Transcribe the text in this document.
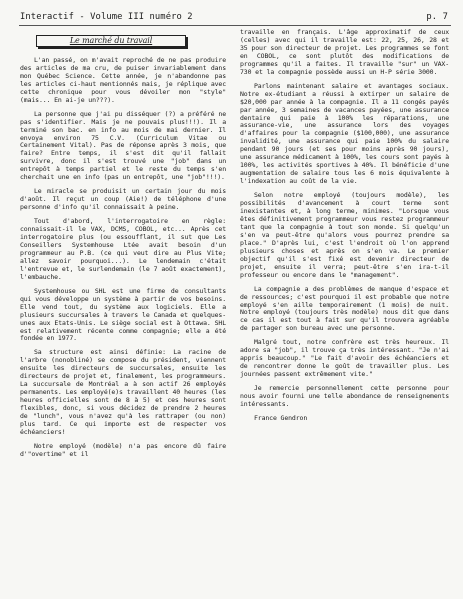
Interactif - Volume III numéro 2	p. 7
Le marché du travail

L'an passé, on m'avait reproché de ne pas produire des articles de ma cru, de puiser invariablement dans mon Québec Science. Cette année, je n'abandonne pas les articles ci-haut mentionnés mais, je réplique avec cette chronique pour vous dévoiler mon "style" (mais... En ai-je un???).

La personne que j'ai pu disséquer (?) a préféré ne pas s'identifier. Mais je ne pouvais plus!!!). Il a terminé son bac. en info au mois de mai dernier. Il envoya environ 75 C.V. (Curriculum Vitae ou Certainement Vital). Pas de réponse après 3 mois, que faire? Entre temps, il s'est dit qu'il fallait survivre, donc il s'est trouvé une "job" dans un entrepôt à temps partiel et le reste du temps s'en cherchait une en info (pas un entrepôt, une "job"!!!).

Le miracle se produisit un certain jour du mois d'août. Il reçut un coup (Aie!) de téléphone d'une personne d'info qu'il connaissait à peine.

Tout d'abord, l'interrogatoire en règle: connaissait-il le VAX, DCMS, COBOL, etc... Après cet interrogatoire plus (ou essoufflant, il sut que Les Conseillers Systemhouse Ltée avait besoin d'un programmeur au P.B. (ce qui veut dire au Plus Vite; allez savoir pourquoi...). Le lendemain c'était l'entrevue et, le surlendemain (le 7 août exactement), l'embauche.

Systemhouse ou SHL est une firme de consultants qui vous développe un système à partir de vos besoins. Elle vend tout, du système aux logiciels. Elle a plusieurs succursales à travers le Canada et quelques-unes aux Etats-Unis. Le siège social est à Ottawa. SHL est relativement récente comme compagnie; elle a été fondée en 1977.

Sa structure est ainsi définie: La racine de l'arbre (nonobliné) se compose du président, viennent ensuite les directeurs de succursales, ensuite les directeurs de projet et, finalement, les programmeurs. La succursale de Montréal a à son actif 26 employés permanents. Les employé(e)s travaillent 40 heures (les heures officielles sont de 8 à 5) et ces heures sont flexibles, donc, si vous décidez de prendre 2 heures de "lunch", vous n'avez qu'à les rattraper (ou non) plus tard. Ce qui importe est de respecter vos échéanciers!

Notre employé (modèle) n'a pas encore dû faire d'"overtime" et il

travaille en français. L'âge approximatif de ceux (celles) avec qui il travaille est: 22, 25, 26, 28 et 35 pour son directeur de projet. Les programmes se font en COBOL, ce sont plutôt des modifications de programmes qu'il a faites. Il travaille "sur" un VAX-730 et la compagnie possède aussi un H-P série 3000.

Parlons maintenant salaire et avantages sociaux. Notre ex-étudiant a réussi à extirper un salaire de $20,000 par année à la compagnie. Il a 11 congés payés par année, 3 semaines de vacances payées, une assurance dentaire qui paie à 100% les réparations, une assurance-vie, une assurance lors des voyages d'affaires pour la compagnie ($100,000), une assurance invalidité, une assurance qui paie 100% du salaire pendant 90 jours (et ses pour moins après 90 jours), une assurance médicament à 100%, les cours sont payés à 100%, les activités sportives à 40%. Il bénéficie d'une augmentation de salaire tous les 6 mois équivalente à l'indexation au coût de la vie.

Selon notre employé (toujours modèle), les possibilités d'avancement à court terme sont inexistantes et, à long terme, minimes. "Lorsque vous êtes définitivement programmeur vous restez programmeur tant que la compagnie à tout son monde. Si quelqu'un s'en va peut-être qu'alors vous pourrez prendre sa place." D'après lui, c'est l'endroit où l'on apprend plusieurs choses et après on s'en va. Le premier objectif qu'il s'est fixé est devenir directeur de projet, ensuite il verra; peut-être s'en ira-t-il professeur ou encore dans le "management".

La compagnie a des problèmes de manque d'espace et de ressources; c'est pourquoi il est probable que notre employé s'en aille temporairement (1 mois) de nuit. Notre employé (toujours très modèle) nous dit que dans ce cas il est tout à fait sur qu'il trouvera agréable de partager son bureau avec une personne.

Malgré tout, notre confrère est très heureux. Il adore sa "job", il trouve ça très intéressant. "Je n'ai appris beaucoup." "Le fait d'avoir des échéanciers et de rencontrer donne le goût de travailler plus. Les journées passent extrêmement vite."

Je remercie personnellement cette personne pour nous avoir fourni une telle abondance de renseignements intéressants.

France Gendron
